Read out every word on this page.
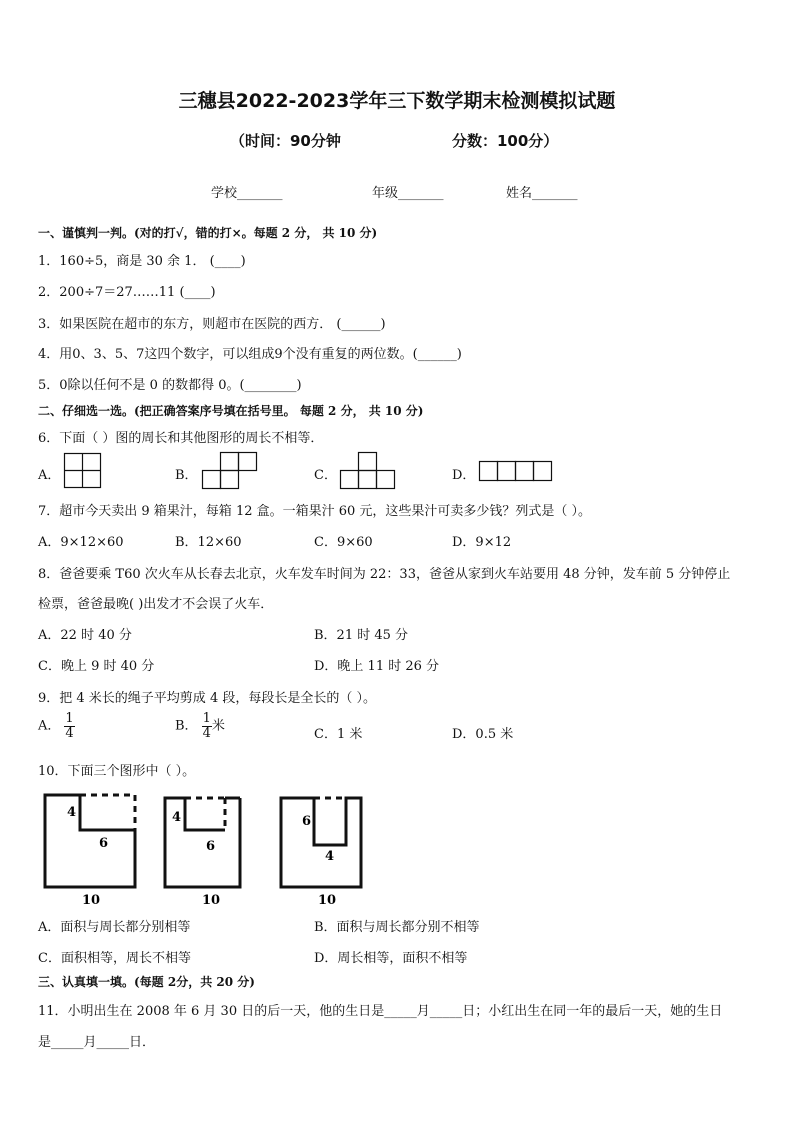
三穗县2022-2023学年三下数学期末检测模拟试题
（时间：90分钟	分数：100分）
学校_______	年级_______	姓名_______
一、谨慎判一判。(对的打√，错的打×。每题 2 分， 共 10 分)
1．160÷5，商是 30 余 1． (____)
2．200÷7＝27……11 (____)
3．如果医院在超市的东方，则超市在医院的西方． (______)
4．用0、3、5、7这四个数字，可以组成9个没有重复的两位数。(______)
5．0除以任何不是 0 的数都得 0。(________)
二、仔细选一选。(把正确答案序号填在括号里。 每题 2 分， 共 10 分)
6．下面（ ）图的周长和其他图形的周长不相等．
A．	B．	C．	D．
7．超市今天卖出 9 箱果汁，每箱 12 盒。一箱果汁 60 元，这些果汁可卖多少钱？列式是（ ）。
A．9×12×60	B．12×60	C．9×60	D．9×12
8．爸爸要乘 T60 次火车从长春去北京，火车发车时间为 22：33，爸爸从家到火车站要用 48 分钟，发车前 5 分钟停止
检票，爸爸最晚( )出发才不会误了火车．
A．22 时 40 分	B．21 时 45 分
C．晚上 9 时 40 分	D．晚上 11 时 26 分
9．把 4 米长的绳子平均剪成 4 段，每段长是全长的（ ）。
A． $\frac{1}{4}$	B． $\frac{1}{4}$ 米
C．1 米	D．0.5 米
10．下面三个图形中（ ）。
4
6
10
4
6
10
6
4
10
A．面积与周长都分别相等	B．面积与周长都分别不相等
C．面积相等，周长不相等	D．周长相等，面积不相等
三、认真填一填。(每题 2分，共 20 分)
11．小明出生在 2008 年 6 月 30 日的后一天，他的生日是_____月_____日；小红出生在同一年的最后一天，她的生日
是_____月_____日．
